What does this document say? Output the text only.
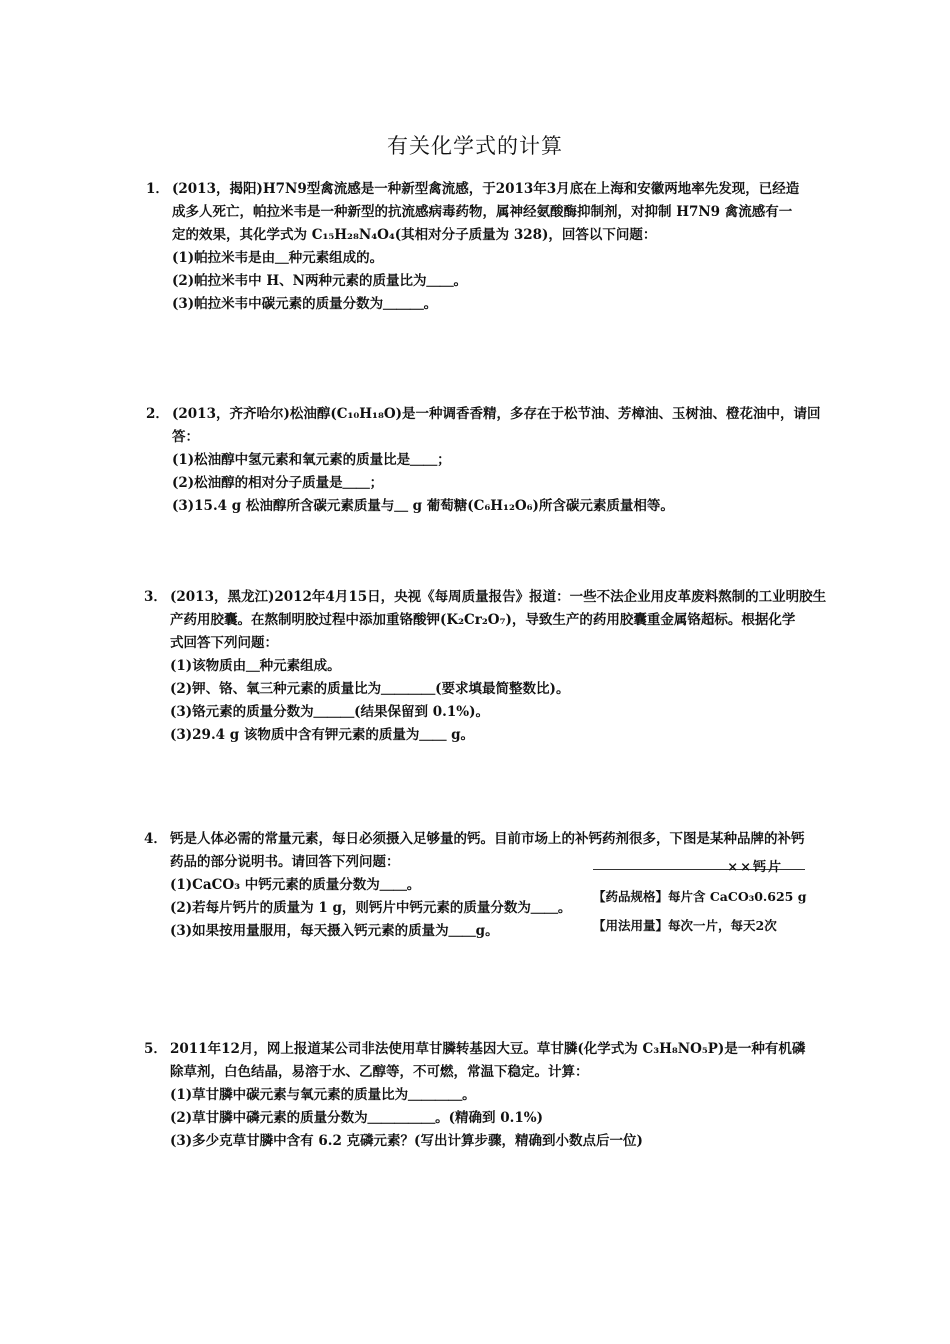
有关化学式的计算
1． (2013，揭阳)H7N9型禽流感是一种新型禽流感，于2013年3月底在上海和安徽两地率先发现，已经造
成多人死亡，帕拉米韦是一种新型的抗流感病毒药物，属神经氨酸酶抑制剂，对抑制 H7N9 禽流感有一
定的效果，其化学式为 C₁₅H₂₈N₄O₄(其相对分子质量为 328)，回答以下问题：
(1)帕拉米韦是由＿种元素组成的。
(2)帕拉米韦中 H、N两种元素的质量比为＿＿。
(3)帕拉米韦中碳元素的质量分数为＿＿＿。
2． (2013，齐齐哈尔)松油醇(C₁₀H₁₈O)是一种调香香精，多存在于松节油、芳樟油、玉树油、橙花油中，请回
答：
(1)松油醇中氢元素和氧元素的质量比是＿＿；
(2)松油醇的相对分子质量是＿＿；
(3)15.4 g 松油醇所含碳元素质量与＿ g 葡萄糖(C₆H₁₂O₆)所含碳元素质量相等。
3． (2013，黑龙江)2012年4月15日，央视《每周质量报告》报道：一些不法企业用皮革废料熬制的工业明胶生
产药用胶囊。在熬制明胶过程中添加重铬酸钾(K₂Cr₂O₇)，导致生产的药用胶囊重金属铬超标。根据化学
式回答下列问题：
(1)该物质由＿种元素组成。
(2)钾、铬、氧三种元素的质量比为＿＿＿＿(要求填最简整数比)。
(3)铬元素的质量分数为＿＿＿(结果保留到 0.1%)。
(3)29.4 g 该物质中含有钾元素的质量为＿＿ g。
4． 钙是人体必需的常量元素，每日必须摄入足够量的钙。目前市场上的补钙药剂很多，下图是某种品牌的补钙
药品的部分说明书。请回答下列问题：
(1)CaCO₃ 中钙元素的质量分数为＿＿。
(2)若每片钙片的质量为 1 g，则钙片中钙元素的质量分数为＿＿。
(3)如果按用量服用，每天摄入钙元素的质量为＿＿g。
××钙片
【药品规格】每片含 CaCO₃0.625 g
【用法用量】每次一片，每天2次
5． 2011年12月，网上报道某公司非法使用草甘膦转基因大豆。草甘膦(化学式为 C₃H₈NO₅P)是一种有机磷
除草剂，白色结晶，易溶于水、乙醇等，不可燃，常温下稳定。计算：
(1)草甘膦中碳元素与氧元素的质量比为＿＿＿＿。
(2)草甘膦中磷元素的质量分数为＿＿＿＿＿。(精确到 0.1%)
(3)多少克草甘膦中含有 6.2 克磷元素？(写出计算步骤，精确到小数点后一位)
